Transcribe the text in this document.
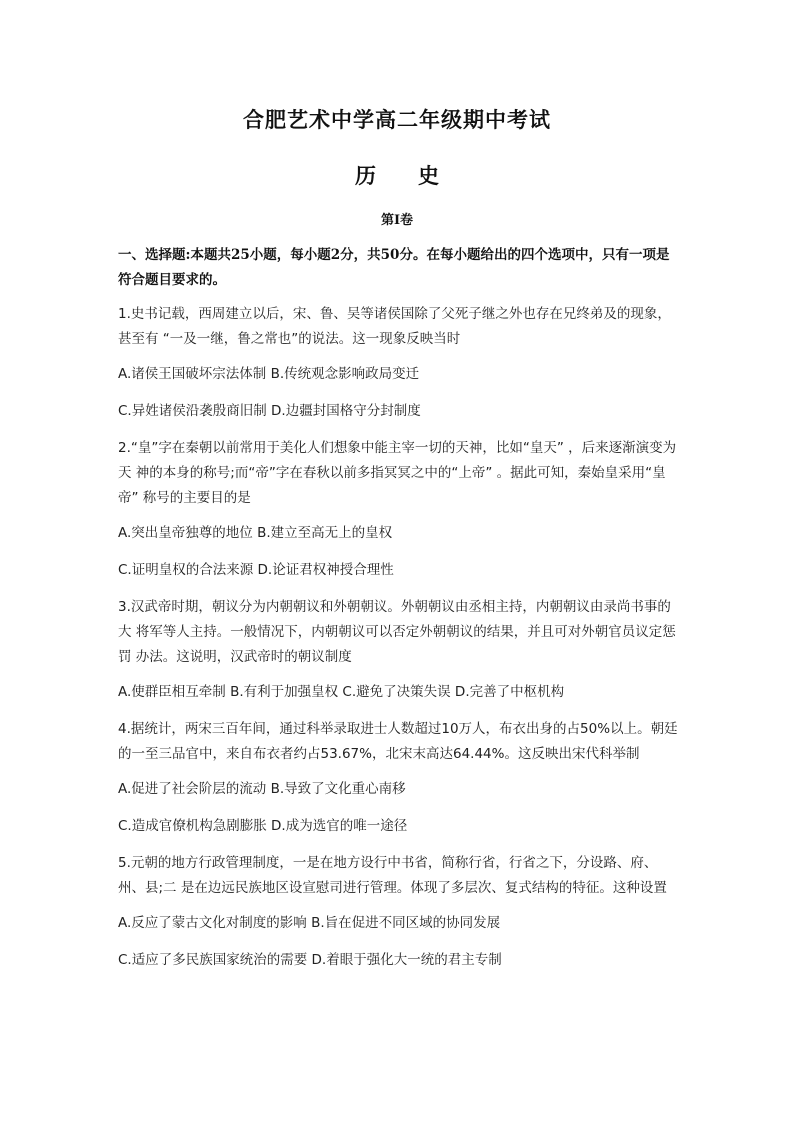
合肥艺术中学高二年级期中考试
历 史
第Ⅰ卷
一、选择题:本题共25小题，每小题2分，共50分。在每小题给出的四个选项中，只有一项是符合题目要求的。
1.史书记载，西周建立以后，宋、鲁、吴等诸侯国除了父死子继之外也存在兄终弟及的现象，甚至有 “一及一继，鲁之常也”的说法。这一现象反映当时
A.诸侯王国破坏宗法体制 B.传统观念影响政局变迁
C.异姓诸侯沿袭殷商旧制 D.边疆封国格守分封制度
2.“皇”字在秦朝以前常用于美化人们想象中能主宰一切的天神，比如“皇天” ，后来逐渐演变为天 神的本身的称号;而“帝”字在春秋以前多指冥冥之中的“上帝” 。据此可知，秦始皇采用“皇帝” 称号的主要目的是
A.突出皇帝独尊的地位 B.建立至高无上的皇权
C.证明皇权的合法来源 D.论证君权神授合理性
3.汉武帝时期，朝议分为内朝朝议和外朝朝议。外朝朝议由丞相主持，内朝朝议由录尚书事的大 将军等人主持。一般情况下，内朝朝议可以否定外朝朝议的结果，并且可对外朝官员议定惩罚 办法。这说明，汉武帝时的朝议制度
A.使群臣相互牵制 B.有利于加强皇权 C.避免了决策失误 D.完善了中枢机构
4.据统计，两宋三百年间，通过科举录取进士人数超过10万人，布衣出身的占50%以上。朝廷的一至三品官中，来自布衣者约占53.67%，北宋末高达64.44%。这反映出宋代科举制
A.促进了社会阶层的流动 B.导致了文化重心南移
C.造成官僚机构急剧膨胀 D.成为选官的唯一途径
5.元朝的地方行政管理制度，一是在地方设行中书省，简称行省，行省之下，分设路、府、州、县;二 是在边远民族地区设宣慰司进行管理。体现了多层次、复式结构的特征。这种设置
A.反应了蒙古文化对制度的影响 B.旨在促进不同区域的协同发展
C.适应了多民族国家统治的需要 D.着眼于强化大一统的君主专制
